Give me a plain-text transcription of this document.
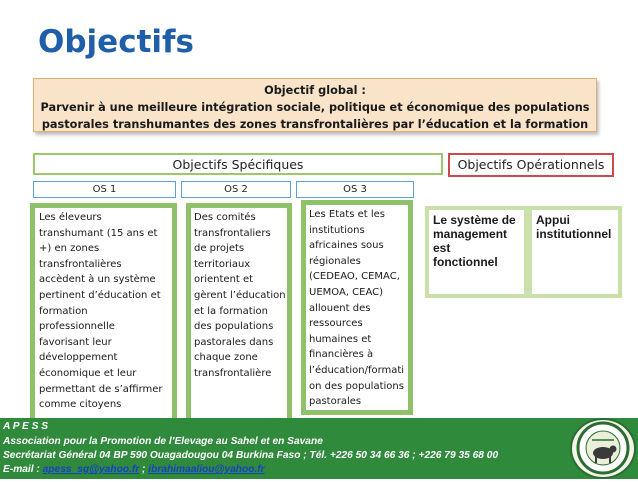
Objectifs
Objectif global :
Parvenir à une meilleure intégration sociale, politique et économique des populations
pastorales transhumantes des zones transfrontalières par l’éducation et la formation
Objectifs Spécifiques	Objectifs Opérationnels
OS 1	OS 2	OS 3
Les éleveurs
transhumant (15 ans et
+) en zones
transfrontalières
accèdent à un système
pertinent d’éducation et
formation
professionnelle
favorisant leur
développement
économique et leur
permettant de s’affirmer
comme citoyens
Des comités
transfrontaliers
de projets
territoriaux
orientent et
gèrent l’éducation
et la formation
des populations
pastorales dans
chaque zone
transfrontalière
Les Etats et les
institutions
africaines sous
régionales
(CEDEAO, CEMAC,
UEMOA, CEAC)
allouent des
ressources
humaines et
financières à
l’éducation/formati
on des populations
pastorales
Le système de
management
est
fonctionnel
Appui
institutionnel
A P E S S
Association pour la Promotion de l’Elevage au Sahel et en Savane
Secrétariat Général 04 BP 590 Ouagadougou 04 Burkina Faso ; Tél. +226 50 34 66 36 ; +226 79 35 68 00
E-mail : apess_sg@yahoo.fr ; ibrahimaaliou@yahoo.fr
